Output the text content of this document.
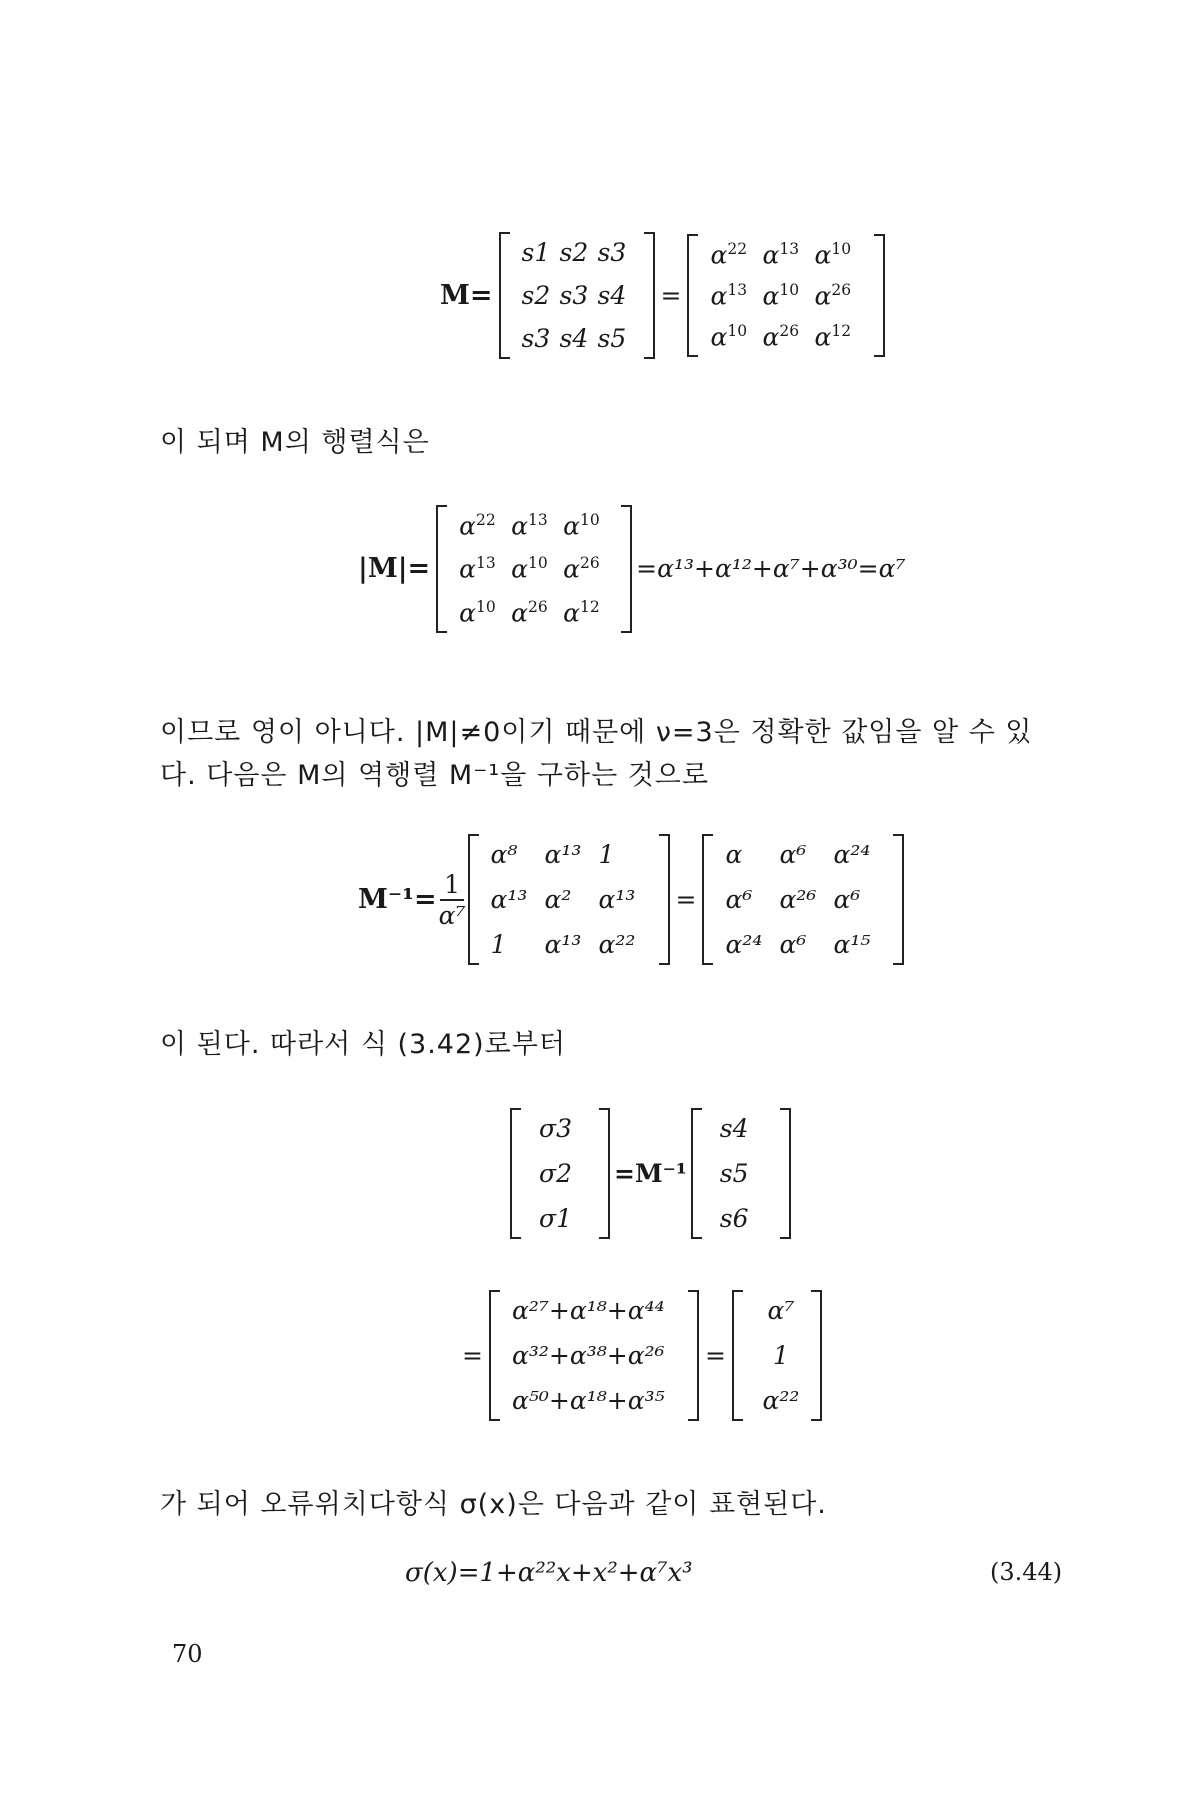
M=
s1 s2 s3
s2 s3 s4
s3 s4 s5
=
$\alpha^{22}$ $\alpha^{13}$ $\alpha^{10}$
$\alpha^{13}$ $\alpha^{10}$ $\alpha^{26}$
$\alpha^{10}$ $\alpha^{26}$ $\alpha^{12}$
이 되며 M의 행렬식은
|M|=
$\alpha^{22}$ $\alpha^{13}$ $\alpha^{10}$
$\alpha^{13}$ $\alpha^{10}$ $\alpha^{26}$
$\alpha^{10}$ $\alpha^{26}$ $\alpha^{12}$
=α¹³+α¹²+α⁷+α³⁰=α⁷
이므로 영이 아니다. |M|≠0이기 때문에 ν=3은 정확한 값임을 알 수 있
다. 다음은 M의 역행렬 M⁻¹을 구하는 것으로
$M^{-1}= \frac{1}{\text{α⁷}}$
α⁸	α¹³ 1
α¹³ α²	α¹³
1	α¹³ α²²
=
α	α⁶	α²⁴
α⁶	α²⁶ α⁶
α²⁴ α⁶	α¹⁵
이 된다. 따라서 식 (3.42)로부터
σ3
σ2
σ1
=M⁻¹
s4
s5
s6
=
α²⁷+α¹⁸+α⁴⁴
α³²+α³⁸+α²⁶
α⁵⁰+α¹⁸+α³⁵
=
α⁷
1
α²²
가 되어 오류위치다항식 σ(x)은 다음과 같이 표현된다.
σ(x)=1+α²²x+x²+α⁷x³	(3.44)
70
